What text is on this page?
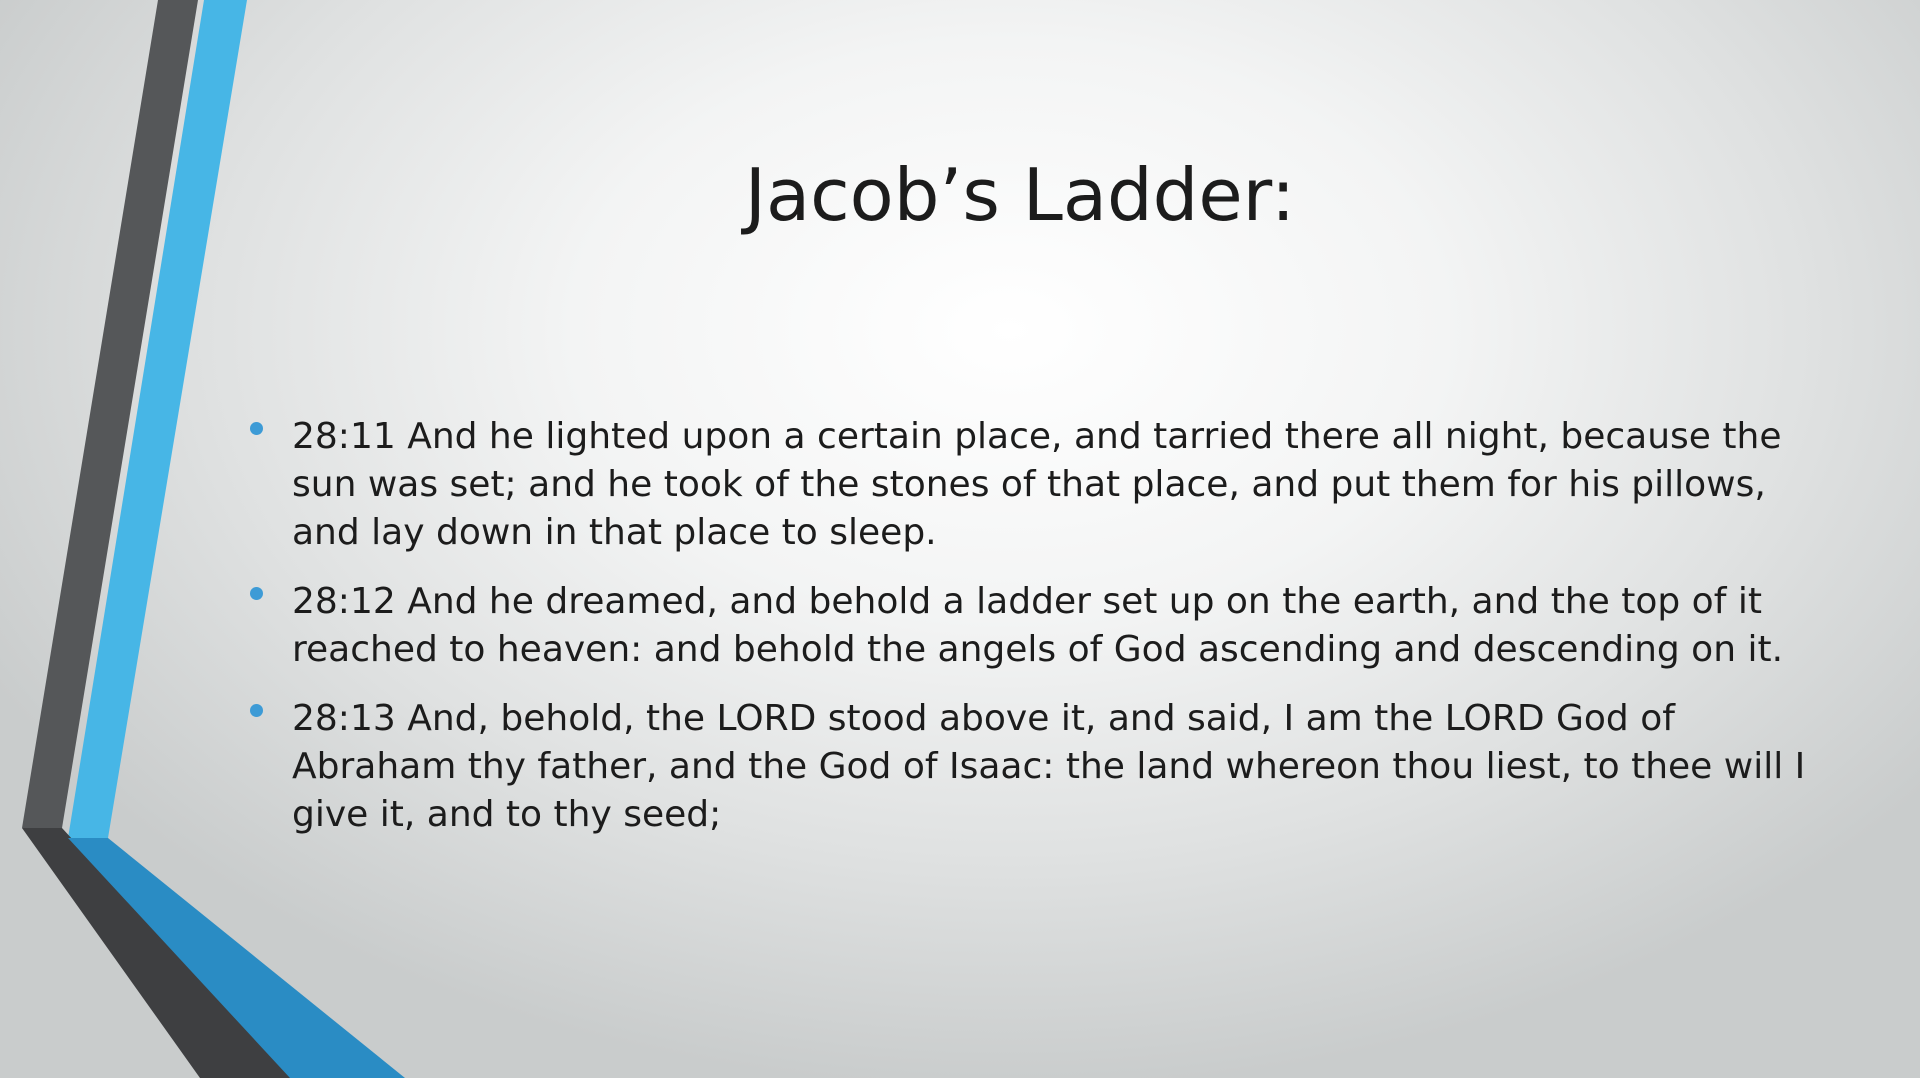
Jacob’s Ladder:
28:11 And he lighted upon a certain place, and tarried there all night, because the sun was set; and he took of the stones of that place, and put them for his pillows, and lay down in that place to sleep.
28:12 And he dreamed, and behold a ladder set up on the earth, and the top of it reached to heaven: and behold the angels of God ascending and descending on it.
28:13 And, behold, the LORD stood above it, and said, I am the LORD God of Abraham thy father, and the God of Isaac: the land whereon thou liest, to thee will I give it, and to thy seed;
